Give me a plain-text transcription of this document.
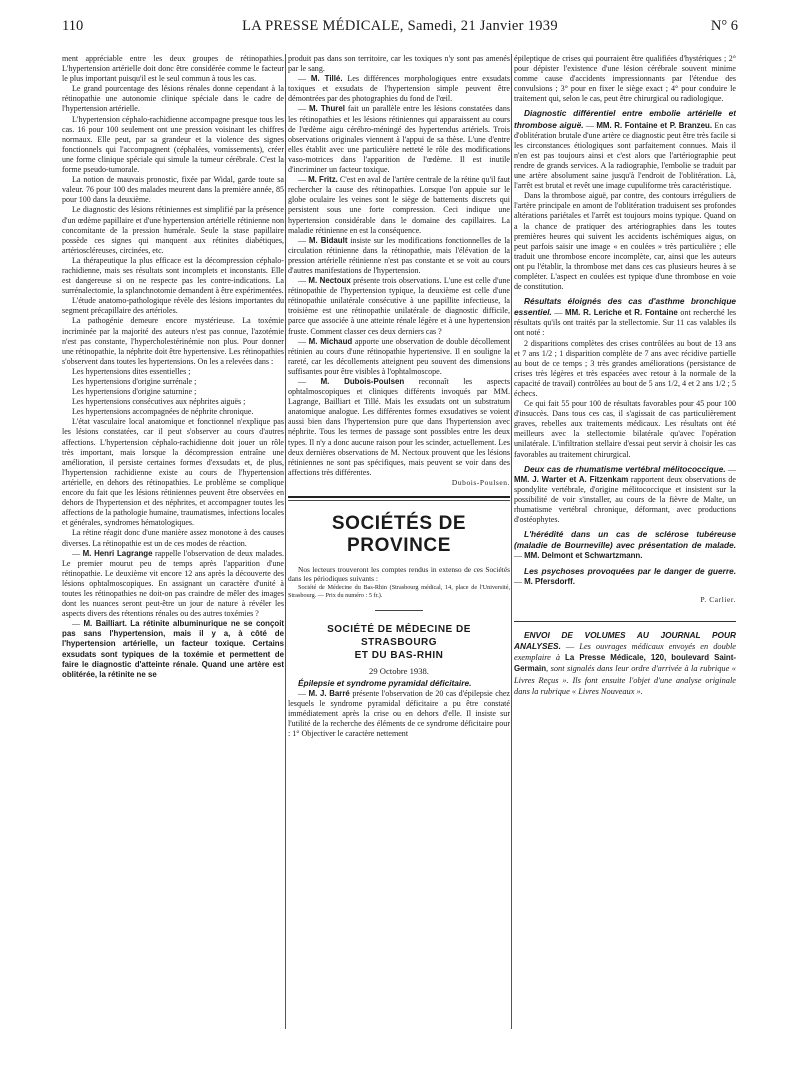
110	LA PRESSE MÉDICALE, Samedi, 21 Janvier 1939	N° 6

ment appréciable entre les deux groupes de rétinopathies. L'hypertension artérielle doit donc être considérée comme le facteur le plus important puisqu'il est le seul commun à tous les cas.

Le grand pourcentage des lésions rénales donne cependant à la rétinopathie une autonomie clinique spéciale dans le cadre de l'hypertension artérielle.

L'hypertension céphalo-rachidienne accompagne presque tous les cas. 16 pour 100 seulement ont une pression voisinant les chiffres normaux. Elle peut, par sa grandeur et la violence des signes fonctionnels qui l'accompagnent (céphalées, vomissements), créer une forme clinique spéciale qui simule la tumeur cérébrale. C'est la forme pseudo-tumorale.

La notion de mauvais pronostic, fixée par Widal, garde toute sa valeur. 76 pour 100 des malades meurent dans la première année, 85 pour 100 dans la deuxième.

Le diagnostic des lésions rétiniennes est simplifié par la présence d'un œdème papillaire et d'une hypertension artérielle rétinienne non concomitante de la pression humérale. Seule la stase papillaire possède ces signes qui manquent aux rétinites diabétiques, artérioscléreuses, circinées, etc.

La thérapeutique la plus efficace est la décompression céphalo-rachidienne, mais ses résultats sont incomplets et inconstants. Elle est dangereuse si on ne respecte pas les contre-indications. La surrénalectomie, la splanchnotomie demandent à être expérimentées.

L'étude anatomo-pathologique révèle des lésions importantes du segment précapillaire des artérioles.

La pathogénie demeure encore mystérieuse. La toxémie incriminée par la majorité des auteurs n'est pas connue, l'azotémie n'est pas constante, l'hypercholestérinémie non plus. Pour donner une rétinopathie, la néphrite doit être hypertensive. Les rétinopathies s'observent dans toutes les hypertensions. On les a relevées dans :

Les hypertensions dites essentielles ;

Les hypertensions d'origine surrénale ;

Les hypertensions d'origine saturnine ;

Les hypertensions consécutives aux néphrites aiguës ;

Les hypertensions accompagnées de néphrite chronique.

L'état vasculaire local anatomique et fonctionnel n'explique pas les lésions constatées, car il peut s'observer au cours d'autres affections. L'hypertension céphalo-rachidienne doit jouer un rôle très important, mais lorsque la décompression entraîne une amélioration, il persiste certaines formes d'exsudats et, de plus, l'hypertension rachidienne existe au cours de l'hypertension artérielle, en dehors des rétinopathies. Le problème se complique encore du fait que les lésions rétiniennes peuvent être observées en dehors de l'hypertension et des néphrites, et accompagner toutes les affections de la pathologie humaine, traumatismes, infections locales et générales, syndromes hématologiques.

La rétine réagit donc d'une manière assez monotone à des causes diverses. La rétinopathie est un de ces modes de réaction.

— M. Henri Lagrange rappelle l'observation de deux malades. Le premier mourut peu de temps après l'apparition d'une rétinopathie. Le deuxième vit encore 12 ans après la découverte des lésions ophtalmoscopiques. En assignant un caractère d'unité à toutes les rétinopathies ne doit-on pas craindre de mêler des images dont les nuances seront peut-être un jour de nature à révéler les aspects divers des rétentions rénales ou des autres toxémies ?

— M. Bailliart. La rétinite albuminurique ne se conçoit pas sans l'hypertension, mais il y a, à côté de l'hypertension artérielle, un facteur toxique. Certains exsudats sont typiques de la toxémie et permettent de faire le diagnostic d'atteinte rénale. Quand une artère est oblitérée, la rétinite ne se

produit pas dans son territoire, car les toxiques n'y sont pas amenés par le sang.

— M. Tillé. Les différences morphologiques entre exsudats toxiques et exsudats de l'hypertension simple peuvent être démontrées par des photographies du fond de l'œil.

— M. Thurel fait un parallèle entre les lésions constatées dans les rétinopathies et les lésions rétiniennes qui apparaissent au cours de l'œdème aigu cérébro-méningé des hypertendus artériels. Trois observations originales viennent à l'appui de sa thèse. L'une d'entre elles établit avec une particulière netteté le rôle des modifications vaso-motrices dans l'apparition de l'œdème. Il est inutile d'incriminer un facteur toxique.

— M. Fritz. C'est en aval de l'artère centrale de la rétine qu'il faut rechercher la cause des rétinopathies. Lorsque l'on appuie sur le globe oculaire les veines sont le siège de battements discrets qui persistent sous une forte compression. Ceci indique une hypertension considérable dans le domaine des capillaires. La maladie rétinienne en est la conséquence.

— M. Bidault insiste sur les modifications fonctionnelles de la circulation rétinienne dans la rétinopathie, mais l'élévation de la pression artérielle rétinienne n'est pas constante et se voit au cours d'autres manifestations de l'hypertension.

— M. Nectoux présente trois observations. L'une est celle d'une rétinopathie de l'hypertension typique, la deuxième est celle d'une rétinopathie unilatérale consécutive à une papillite infectieuse, la troisième est une rétinopathie unilatérale de diagnostic difficile, parce que associée à une atteinte rénale légère et à une hypertension fruste. Comment classer ces deux derniers cas ?

— M. Michaud apporte une observation de double décollement rétinien au cours d'une rétinopathie hypertensive. Il en souligne la rareté, car les décollements atteignent peu souvent des dimensions suffisantes pour être visibles à l'ophtalmoscope.

— M. Dubois-Poulsen reconnaît les aspects ophtalmoscopiques et cliniques différents invoqués par MM. Lagrange, Bailliart et Tillé. Mais les exsudats ont un substratum anatomique analogue. Les différentes formes exsudatives se voient aussi bien dans l'hypertension pure que dans l'hypertension avec néphrite. Tous les termes de passage sont possibles entre les deux types. Il n'y a donc aucune raison pour les scinder, actuellement. Les deux dernières observations de M. Nectoux prouvent que les lésions rétiniennes ne sont pas spécifiques, mais peuvent se voir dans des affections très différentes.

Dubois-Poulsen.

SOCIÉTÉS DE PROVINCE

Nos lecteurs trouveront les comptes rendus in extenso de ces Sociétés dans les périodiques suivants :

Société de Médecine du Bas-Rhin (Strasbourg médical, 14, place de l'Université, Strasbourg. — Prix du numéro : 5 fr.).

SOCIÉTÉ DE MÉDECINE DE STRASBOURG
ET DU BAS-RHIN
29 Octobre 1938.

Épilepsie et syndrome pyramidal déficitaire.

— M. J. Barré présente l'observation de 20 cas d'épilepsie chez lesquels le syndrome pyramidal déficitaire a pu être constaté immédiatement après la crise ou en dehors d'elle. Il insiste sur l'utilité de la recherche des éléments de ce syndrome déficitaire pour : 1° Objectiver le caractère nettement

épileptique de crises qui pourraient être qualifiées d'hystériques ; 2° pour dépister l'existence d'une lésion cérébrale souvent minime comme cause d'accidents impressionnants par l'étendue des convulsions ; 3° pour en fixer le siège exact ; 4° pour conduire le traitement qui, selon le cas, peut être chirurgical ou radiologique.

Diagnostic différentiel entre embolie artérielle et thrombose aiguë. — MM. R. Fontaine et P. Branzeu. En cas d'oblitération brutale d'une artère ce diagnostic peut être très facile si les circonstances étiologiques sont parfaitement connues. Mais il n'en est pas toujours ainsi et c'est alors que l'artériographie peut rendre de grands services. A la radiographie, l'embolie se traduit par une artère absolument saine jusqu'à l'endroit de l'oblitération. Là, l'arrêt est brutal et revêt une image cupuliforme très caractéristique.

Dans la thrombose aiguë, par contre, des contours irréguliers de l'artère principale en amont de l'oblitération traduisent ses profondes altérations pariétales et l'arrêt est toujours moins typique. Quand on a la chance de pratiquer des artériographies dans les toutes premières heures qui suivent les accidents ischémiques aigus, on peut parfois saisir une image « en coulées » très particulière ; elle traduit une thrombose encore incomplète, car, ainsi que les auteurs ont pu l'établir, la thrombose met dans ces cas plusieurs heures à se compléter. L'aspect en coulées est typique d'une thrombose en voie de constitution.

Résultats éloignés des cas d'asthme bronchique essentiel. — MM. R. Leriche et R. Fontaine ont recherché les résultats qu'ils ont traités par la stellectomie. Sur 11 cas valables ils ont noté :

2 disparitions complètes des crises contrôlées au bout de 13 ans et 7 ans 1/2 ; 1 disparition complète de 7 ans avec récidive partielle au bout de ce temps ; 3 très grandes améliorations (persistance de crises très légères et très espacées avec retour à la normale de la capacité de travail) contrôlées au bout de 5 ans 1/2, 4 et 2 ans 1/2 ; 5 échecs.

Ce qui fait 55 pour 100 de résultats favorables pour 45 pour 100 d'insuccès. Dans tous ces cas, il s'agissait de cas particulièrement graves, rebelles aux traitements médicaux. Les résultats ont été meilleurs avec la stellectomie bilatérale qu'avec l'opération unilatérale. L'infiltration stellaire d'essai peut servir à choisir les cas favorables au traitement chirurgical.

Deux cas de rhumatisme vertébral mélitococcique. — MM. J. Warter et A. Fitzenkam rapportent deux observations de spondylite vertébrale, d'origine mélitococcique et insistent sur la possibilité de voir s'installer, au cours de la fièvre de Malte, un rhumatisme vertébral chronique, déformant, avec productions d'ostéophytes.

L'hérédité dans un cas de sclérose tubéreuse (maladie de Bourneville) avec présentation de malade. — MM. Delmont et Schwartzmann.

Les psychoses provoquées par le danger de guerre. — M. Pfersdorff.

P. Carlier.

ENVOI DE VOLUMES AU JOURNAL POUR ANALYSES. — Les ouvrages médicaux envoyés en double exemplaire à La Presse Médicale, 120, boulevard Saint-Germain, sont signalés dans leur ordre d'arrivée à la rubrique « Livres Reçus ». Ils font ensuite l'objet d'une analyse originale dans la rubrique « Livres Nouveaux ».
